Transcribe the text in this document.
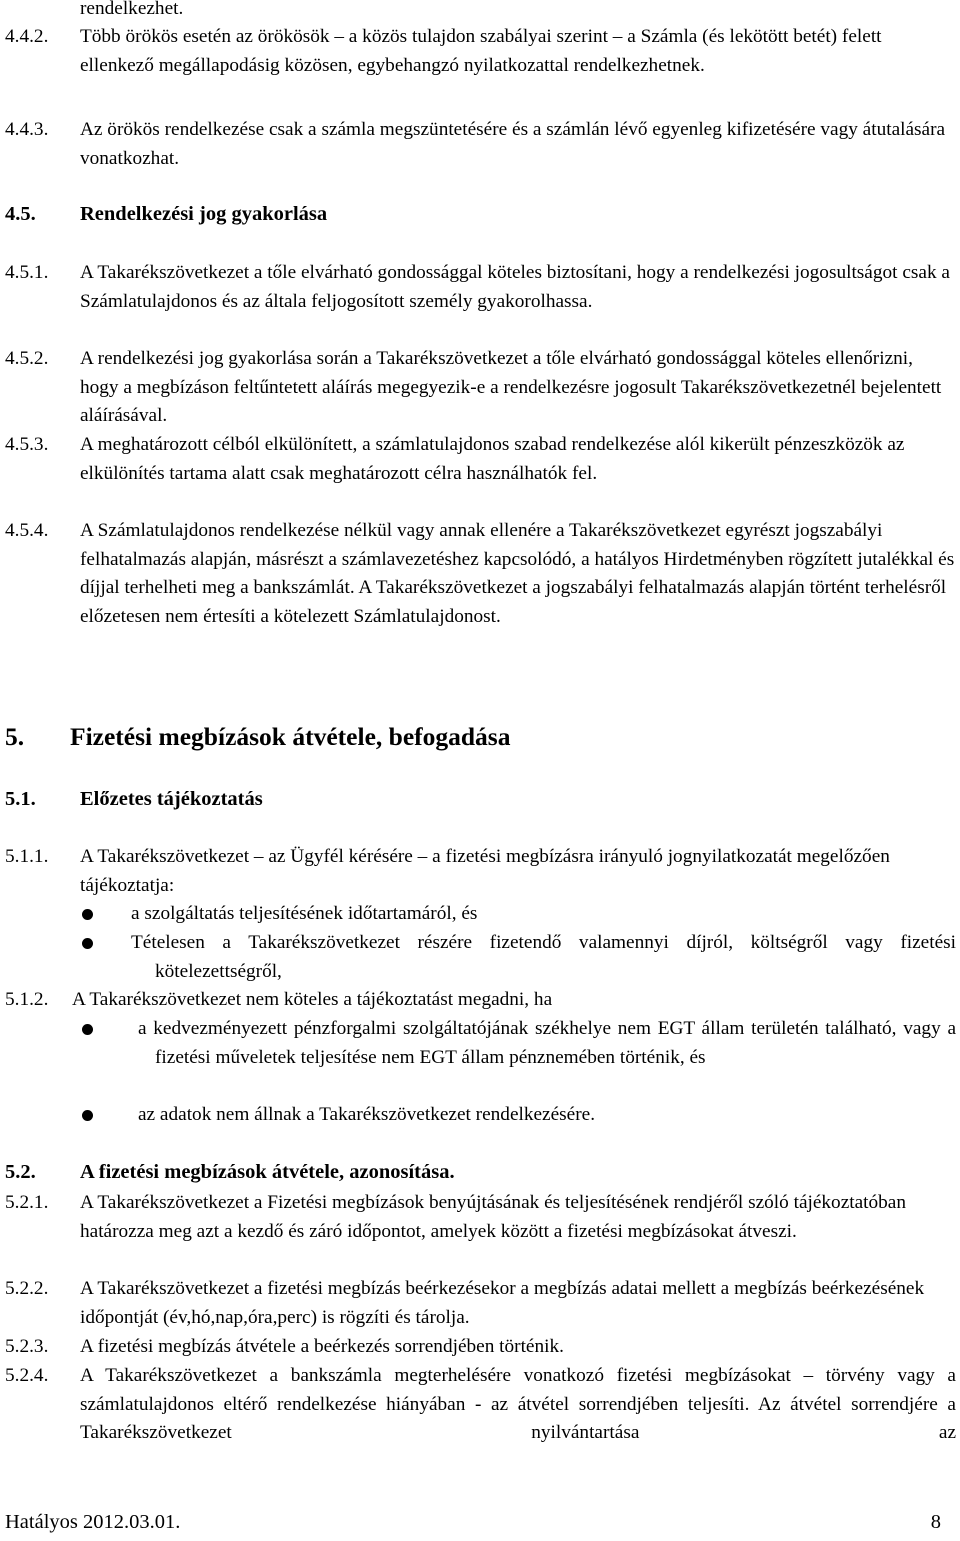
rendelkezhet.
4.4.2. Több örökös esetén az örökösök – a közös tulajdon szabályai szerint – a Számla (és lekötött betét) felett ellenkező megállapodásig közösen, egybehangzó nyilatkozattal rendelkezhetnek.
4.4.3. Az örökös rendelkezése csak a számla megszüntetésére és a számlán lévő egyenleg kifizetésére vagy átutalására vonatkozhat.
4.5. Rendelkezési jog gyakorlása
4.5.1. A Takarékszövetkezet a tőle elvárható gondossággal köteles biztosítani, hogy a rendelkezési jogosultságot csak a Számlatulajdonos és az általa feljogosított személy gyakorolhassa.
4.5.2. A rendelkezési jog gyakorlása során a Takarékszövetkezet a tőle elvárható gondossággal köteles ellenőrizni, hogy a megbízáson feltűntetett aláírás megegyezik-e a rendelkezésre jogosult Takarékszövetkezetnél bejelentett aláírásával.
4.5.3. A meghatározott célból elkülönített, a számlatulajdonos szabad rendelkezése alól kikerült pénzeszközök az elkülönítés tartama alatt csak meghatározott célra használhatók fel.
4.5.4. A Számlatulajdonos rendelkezése nélkül vagy annak ellenére a Takarékszövetkezet egyrészt jogszabályi felhatalmazás alapján, másrészt a számlavezetéshez kapcsolódó, a hatályos Hirdetményben rögzített jutalékkal és díjjal terhelheti meg a bankszámlát. A Takarékszövetkezet a jogszabályi felhatalmazás alapján történt terhelésről előzetesen nem értesíti a kötelezett Számlatulajdonost.
5. Fizetési megbízások átvétele, befogadása
5.1. Előzetes tájékoztatás
5.1.1. A Takarékszövetkezet – az Ügyfél kérésére – a fizetési megbízásra irányuló jognyilatkozatát megelőzően tájékoztatja:
a szolgáltatás teljesítésének időtartamáról, és
Tételesen a Takarékszövetkezet részére fizetendő valamennyi díjról, költségről vagy fizetési kötelezettségről,
5.1.2. A Takarékszövetkezet nem köteles a tájékoztatást megadni, ha
a kedvezményezett pénzforgalmi szolgáltatójának székhelye nem EGT állam területén található, vagy a fizetési műveletek teljesítése nem EGT állam pénznemében történik, és
az adatok nem állnak a Takarékszövetkezet rendelkezésére.
5.2. A fizetési megbízások átvétele, azonosítása.
5.2.1. A Takarékszövetkezet a Fizetési megbízások benyújtásának és teljesítésének rendjéről szóló tájékoztatóban határozza meg azt a kezdő és záró időpontot, amelyek között a fizetési megbízásokat átveszi.
5.2.2. A Takarékszövetkezet a fizetési megbízás beérkezésekor a megbízás adatai mellett a megbízás beérkezésének időpontját (év,hó,nap,óra,perc) is rögzíti és tárolja.
5.2.3. A fizetési megbízás átvétele a beérkezés sorrendjében történik.
5.2.4. A Takarékszövetkezet a bankszámla megterhelésére vonatkozó fizetési megbízásokat – törvény vagy a számlatulajdonos eltérő rendelkezése hiányában - az átvétel sorrendjében teljesíti. Az átvétel sorrendjére a Takarékszövetkezet nyilvántartása az
Hatályos 2012.03.01.	8
